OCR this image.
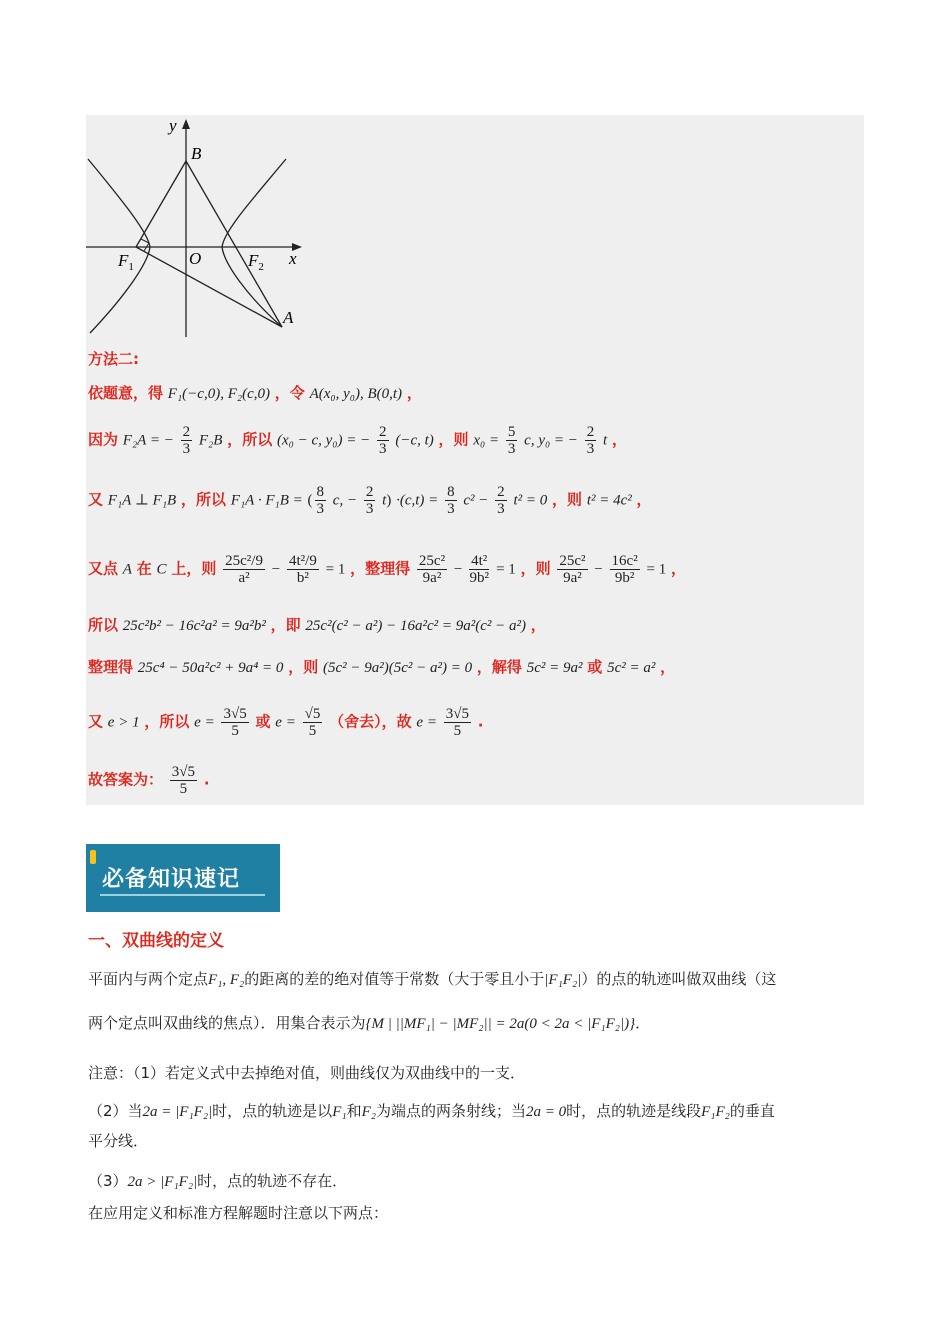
y
B
O
$F_1$	$F_2$ x
A
方法二:
依题意，得 F₁(−c,0), F₂(c,0) ，令 A(x₀, y₀), B(0,t) ，
因为 F₂A = − $\frac{2}{3} F_2B$ ，所以 (x₀ − c, y₀) = − $\frac{2}{3} (-c$, t) ，则 $x_0 = \frac{5}{3} c$, y₀ = − $\frac{2}{3}$ t ，
又 F₁A ⊥ F₁B ，所以 F₁A · F₁B = ( $\frac{8}{3} c$, − $\frac{2}{3} t) \cdot(c,t) = \frac{8}{3} c^2 - \frac{2}{3} t^2 = 0$ ，则 t² = 4c² ，
又点 A 在 C 上，则 $\frac{\text{25c²/9}}{\text{a²}} - \frac{\text{4t²/9}}{\text{b²}} = 1$ ，整理得 $\frac{\text{25c²}}{\text{9a²}} - \frac{\text{4t²}}{\text{9b²}} = 1$ ，则 $\frac{\text{25c²}}{\text{9a²}} - \frac{\text{16c²}}{\text{9b²}} = 1$ ，
所以 25c²b² − 16c²a² = 9a²b² ，即 25c²(c² − a²) − 16a²c² = 9a²(c² − a²) ，
整理得 25c⁴ − 50a²c² + 9a⁴ = 0 ，则 (5c² − 9a²)(5c² − a²) = 0 ，解得 5c² = 9a² 或 5c² = a² ，
又 e > 1 ，所以 $e = \frac{3√5}{5}$ 或 $e = \frac{√5}{5}$ （舍去），故 $e = \frac{3√5}{5}$ .
故答案为： $\frac{3√5}{5}$ .
必备知识速记
一、双曲线的定义
平面内与两个定点F₁, F₂的距离的差的绝对值等于常数（大于零且小于|F₁F₂|）的点的轨迹叫做双曲线（这
两个定点叫双曲线的焦点）．用集合表示为{M | ||MF₁| − |MF₂|| = 2a(0 < 2a < |F₁F₂|)}．
注意：（1）若定义式中去掉绝对值，则曲线仅为双曲线中的一支．
（2）当2a = |F₁F₂|时，点的轨迹是以F₁和F₂为端点的两条射线；当2a = 0时，点的轨迹是线段F₁F₂的垂直
平分线．
（3）2a > |F₁F₂|时，点的轨迹不存在．
在应用定义和标准方程解题时注意以下两点：
